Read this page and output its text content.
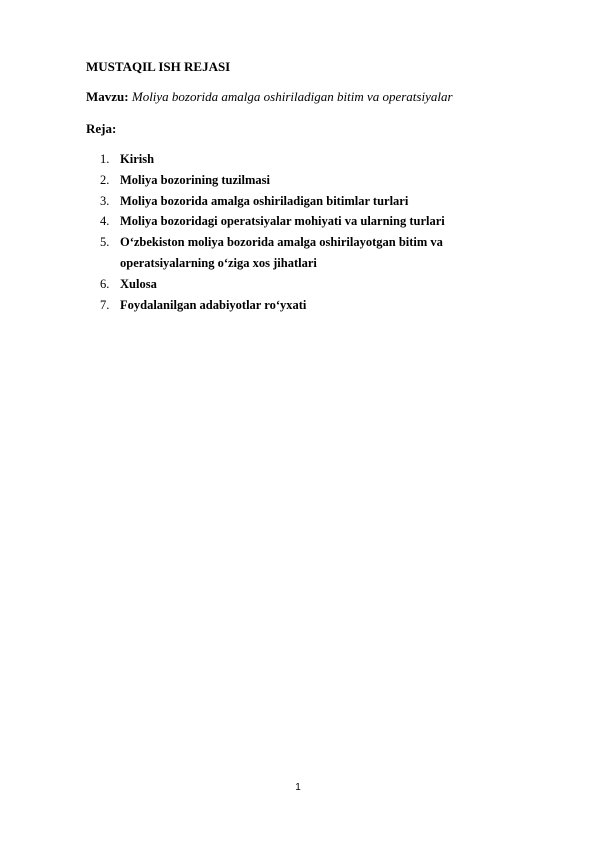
MUSTAQIL ISH REJASI
Mavzu: Moliya bozorida amalga oshiriladigan bitim va operatsiyalar
Reja:
1. Kirish
2. Moliya bozorining tuzilmasi
3. Moliya bozorida amalga oshiriladigan bitimlar turlari
4. Moliya bozoridagi operatsiyalar mohiyati va ularning turlari
5. O‘zbekiston moliya bozorida amalga oshirilayotgan bitim va operatsiyalarning o‘ziga xos jihatlari
6. Xulosa
7. Foydalanilgan adabiyotlar ro‘yxati
1
